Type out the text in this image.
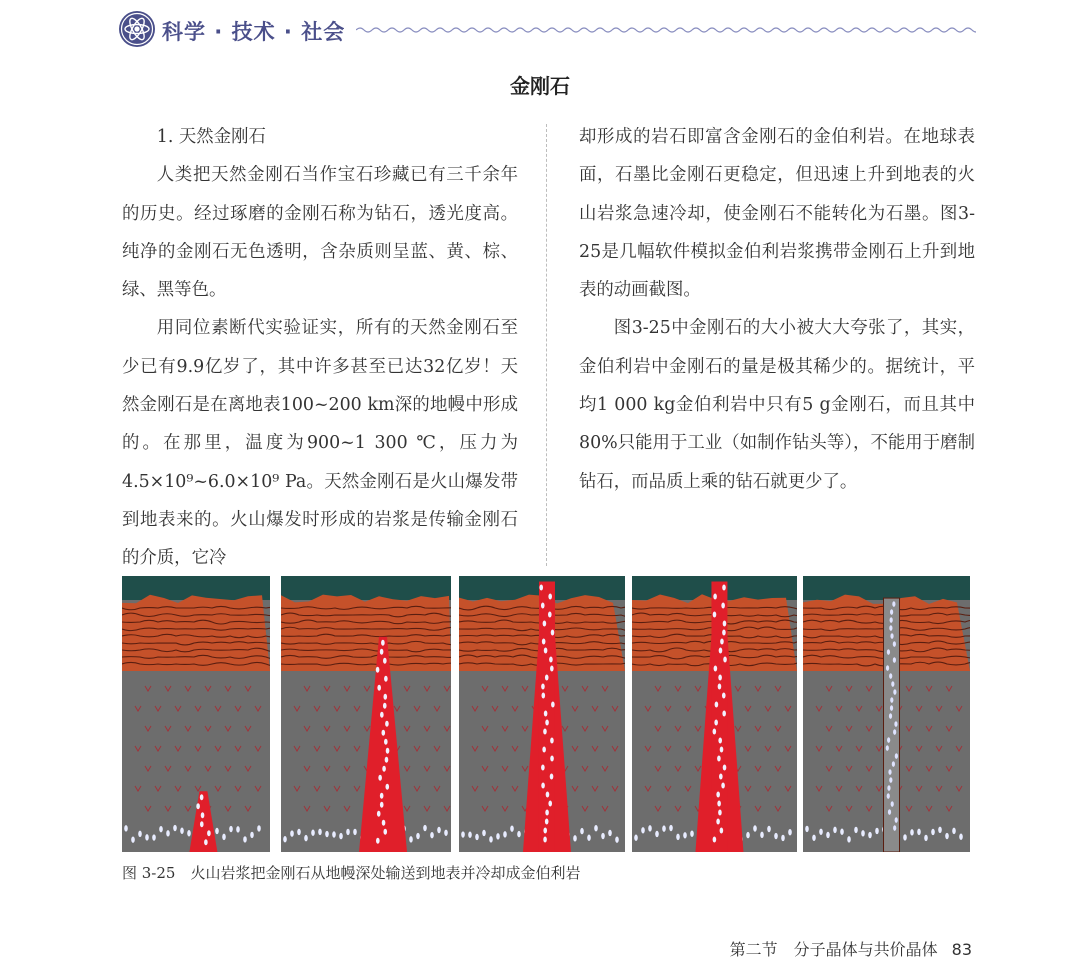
科学 · 技术 · 社会
金刚石

1. 天然金刚石

人类把天然金刚石当作宝石珍藏已有三千余年的历史。经过琢磨的金刚石称为钻石，透光度高。纯净的金刚石无色透明，含杂质则呈蓝、黄、棕、绿、黑等色。

用同位素断代实验证实，所有的天然金刚石至少已有9.9亿岁了，其中许多甚至已达32亿岁！天然金刚石是在离地表100~200 km深的地幔中形成的。在那里，温度为900~1 300 ℃，压力为4.5×10⁹~6.0×10⁹ Pa。天然金刚石是火山爆发带到地表来的。火山爆发时形成的岩浆是传输金刚石的介质，它冷

却形成的岩石即富含金刚石的金伯利岩。在地球表面，石墨比金刚石更稳定，但迅速上升到地表的火山岩浆急速冷却，使金刚石不能转化为石墨。图3-25是几幅软件模拟金伯利岩浆携带金刚石上升到地表的动画截图。

图3-25中金刚石的大小被大大夸张了，其实，金伯利岩中金刚石的量是极其稀少的。据统计，平均1 000 kg金伯利岩中只有5 g金刚石，而且其中80%只能用于工业（如制作钻头等），不能用于磨制钻石，而品质上乘的钻石就更少了。

图 3-25　火山岩浆把金刚石从地幔深处输送到地表并冷却成金伯利岩
第二节　分子晶体与共价晶体 83
